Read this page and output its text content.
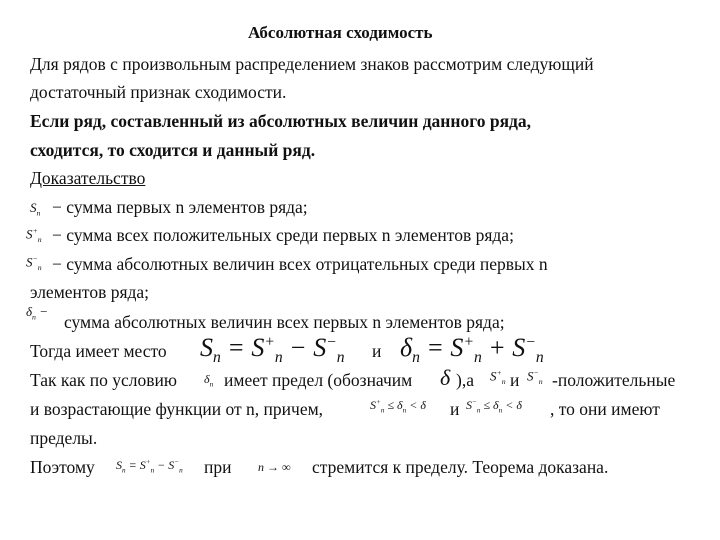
Абсолютная сходимость
Для рядов с произвольным распределением знаков рассмотрим следующий
достаточный признак сходимости.
Если ряд, составленный из абсолютных величин данного ряда,
сходится, то сходится и данный ряд.
Доказательство
$S_n$ − сумма первых n элементов ряда;
$S^+_n$ − сумма всех положительных среди первых n элементов ряда;
$S^-_n$ − сумма абсолютных величин всех отрицательных среди первых n
элементов ряда;
$\delta_n$ −
сумма абсолютных величин всех первых n элементов ряда;
Тогда имеет место $S_n = S^+_n - S^-_n$ и $\delta_n = S^+_n + S^-_n$
Так как по условию $\delta_n$ имеет предел (обозначим δ ),а $S^+_n$ и $S^-_n$ -положительные
и возрастающие функции от n, причем,	$S^+_n \le \delta_n < \delta$ и $S^-_n \le \delta_n < \delta$ , то они имеют
пределы.
Поэтому $S_n = S^+_n - S^-_n$ при n → ∞ стремится к пределу. Теорема доказана.
